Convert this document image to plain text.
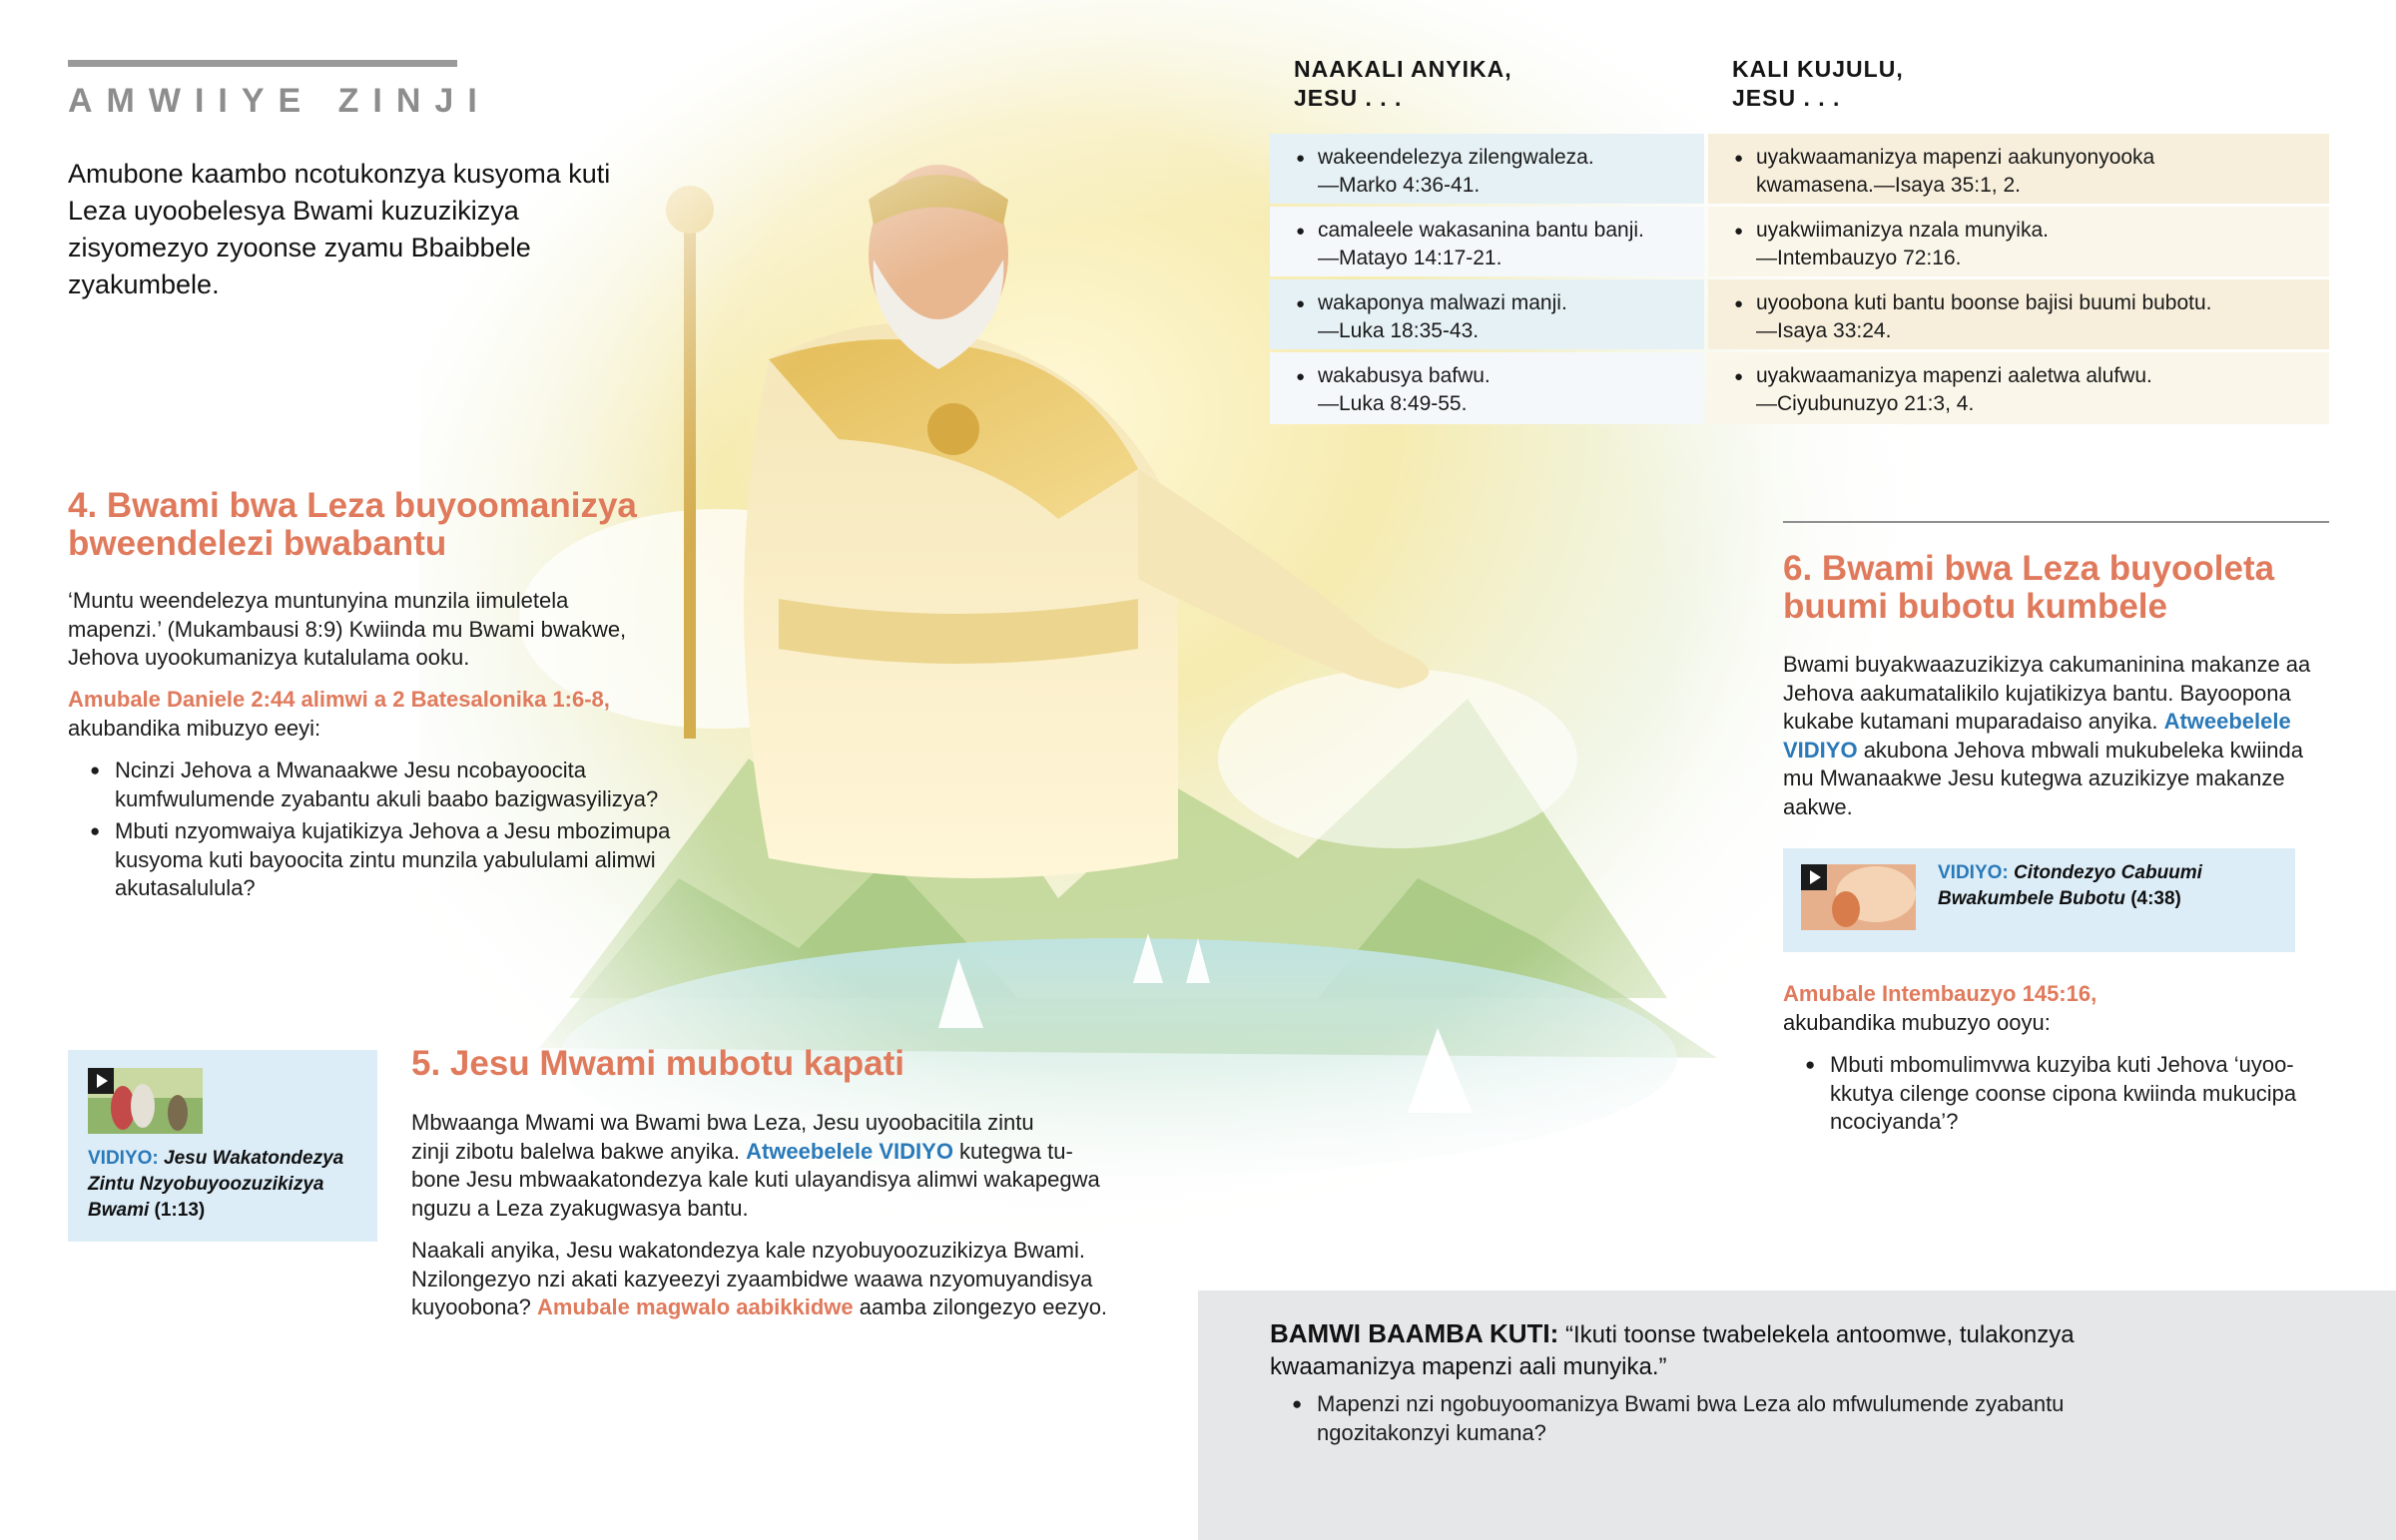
AMWIIYE ZINJI
Amubone kaambo ncotukonzya kusyoma kuti Leza uyoobelesya Bwami kuzuzikizya zisyomezyo zyoonse zyamu Bbaibbele zyakumbele.
NAAKALI ANYIKA,
JESU . . .
KALI KUJULU,
JESU . . .
● wakeendelezya zilengwaleza.
—Marko 4:36-41.
● camaleele wakasanina bantu banji.
—Matayo 14:17-21.
● wakaponya malwazi manji.
—Luka 18:35-43.
● wakabusya bafwu.
—Luka 8:49-55.
● uyakwaamanizya mapenzi aakunyonyooka
kwamasena.—Isaya 35:1, 2.
● uyakwiimanizya nzala munyika.
—Intembauzyo 72:16.
● uyoobona kuti bantu boonse bajisi buumi bubotu.
—Isaya 33:24.
● uyakwaamanizya mapenzi aaletwa alufwu.
—Ciyubunuzyo 21:3, 4.
4. Bwami bwa Leza buyoomanizya
bweendelezi bwabantu
‘Muntu weendelezya muntunyina munzila iimuletela
mapenzi.’ (Mukambausi 8:9) Kwiinda mu Bwami bwakwe,
Jehova uyookumanizya kutalulama ooku.
Amubale Daniele 2:44 alimwi a 2 Batesalonika 1:6-8,
akubandika mibuzyo eeyi:
● Ncinzi Jehova a Mwanaakwe Jesu ncobayoocita
kumfwulumende zyabantu akuli baabo bazigwasyilizya?
● Mbuti nzyomwaiya kujatikizya Jehova a Jesu mbozimupa
kusyoma kuti bayoocita zintu munzila yabululami alimwi
akutasalulula?
VIDIYO: Jesu Wakatondezya
Zintu Nzyobuyoozuzikizya
Bwami (1:13)
5. Jesu Mwami mubotu kapati
Mbwaanga Mwami wa Bwami bwa Leza, Jesu uyoobacitila zintu
zinji zibotu balelwa bakwe anyika. Atweebelele VIDIYO kutegwa tu-
bone Jesu mbwaakatondezya kale kuti ulayandisya alimwi wakapegwa
nguzu a Leza zyakugwasya bantu.
Naakali anyika, Jesu wakatondezya kale nzyobuyoozuzikizya Bwami.
Nzilongezyo nzi akati kazyeezyi zyaambidwe waawa nzyomuyandisya
kuyoobona? Amubale magwalo aabikkidwe aamba zilongezyo eezyo.
6. Bwami bwa Leza buyooleta
buumi bubotu kumbele
Bwami buyakwaazuzikizya cakumaninina makanze aa
Jehova aakumatalikilo kujatikizya bantu. Bayoopona
kukabe kutamani muparadaiso anyika. Atweebelele
VIDIYO akubona Jehova mbwali mukubeleka kwiinda
mu Mwanaakwe Jesu kutegwa azuzikizye makanze
aakwe.
VIDIYO: Citondezyo Cabuumi
Bwakumbele Bubotu (4:38)
Amubale Intembauzyo 145:16,
akubandika mubuzyo ooyu:
● Mbuti mbomulimvwa kuzyiba kuti Jehova ‘uyoo-
kkutya cilenge coonse cipona kwiinda mukucipa
ncociyanda’?
BAMWI BAAMBA KUTI: “Ikuti toonse twabelekela antoomwe, tulakonzya
kwaamanizya mapenzi aali munyika.”
● Mapenzi nzi ngobuyoomanizya Bwami bwa Leza alo mfwulumende zyabantu
ngozitakonzyi kumana?
